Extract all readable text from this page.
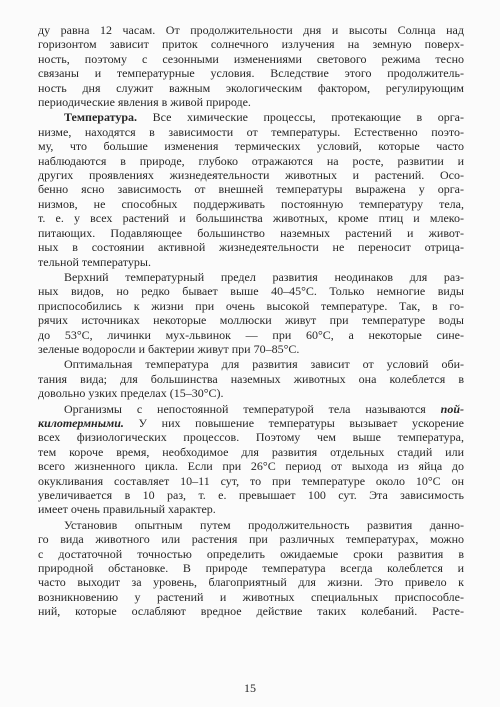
ду равна 12 часам. От продолжительности дня и высоты Солнца над
горизонтом зависит приток солнечного излучения на земную поверх-
ность, поэтому с сезонными изменениями светового режима тесно
связаны и температурные условия. Вследствие этого продолжитель-
ность дня служит важным экологическим фактором, регулирующим
периодические явления в живой природе.
Температура. Все химические процессы, протекающие в орга-
низме, находятся в зависимости от температуры. Естественно поэто-
му, что большие изменения термических условий, которые часто
наблюдаются в природе, глубоко отражаются на росте, развитии и
других проявлениях жизнедеятельности животных и растений. Осо-
бенно ясно зависимость от внешней температуры выражена у орга-
низмов, не способных поддерживать постоянную температуру тела,
т. е. у всех растений и большинства животных, кроме птиц и млеко-
питающих. Подавляющее большинство наземных растений и живот-
ных в состоянии активной жизнедеятельности не переносит отрица-
тельной температуры.
Верхний температурный предел развития неодинаков для раз-
ных видов, но редко бывает выше 40–45°С. Только немногие виды
приспособились к жизни при очень высокой температуре. Так, в го-
рячих источниках некоторые моллюски живут при температуре воды
до 53°С, личинки мух-львинок — при 60°С, а некоторые сине-
зеленые водоросли и бактерии живут при 70–85°С.
Оптимальная температура для развития зависит от условий оби-
тания вида; для большинства наземных животных она колеблется в
довольно узких пределах (15–30°С).
Организмы с непостоянной температурой тела называются пой-
килотермными. У них повышение температуры вызывает ускорение
всех физиологических процессов. Поэтому чем выше температура,
тем короче время, необходимое для развития отдельных стадий или
всего жизненного цикла. Если при 26°С период от выхода из яйца до
окукливания составляет 10–11 сут, то при температуре около 10°С он
увеличивается в 10 раз, т. е. превышает 100 сут. Эта зависимость
имеет очень правильный характер.
Установив опытным путем продолжительность развития данно-
го вида животного или растения при различных температурах, можно
с достаточной точностью определить ожидаемые сроки развития в
природной обстановке. В природе температура всегда колеблется и
часто выходит за уровень, благоприятный для жизни. Это привело к
возникновению у растений и животных специальных приспособле-
ний, которые ослабляют вредное действие таких колебаний. Расте-
15
